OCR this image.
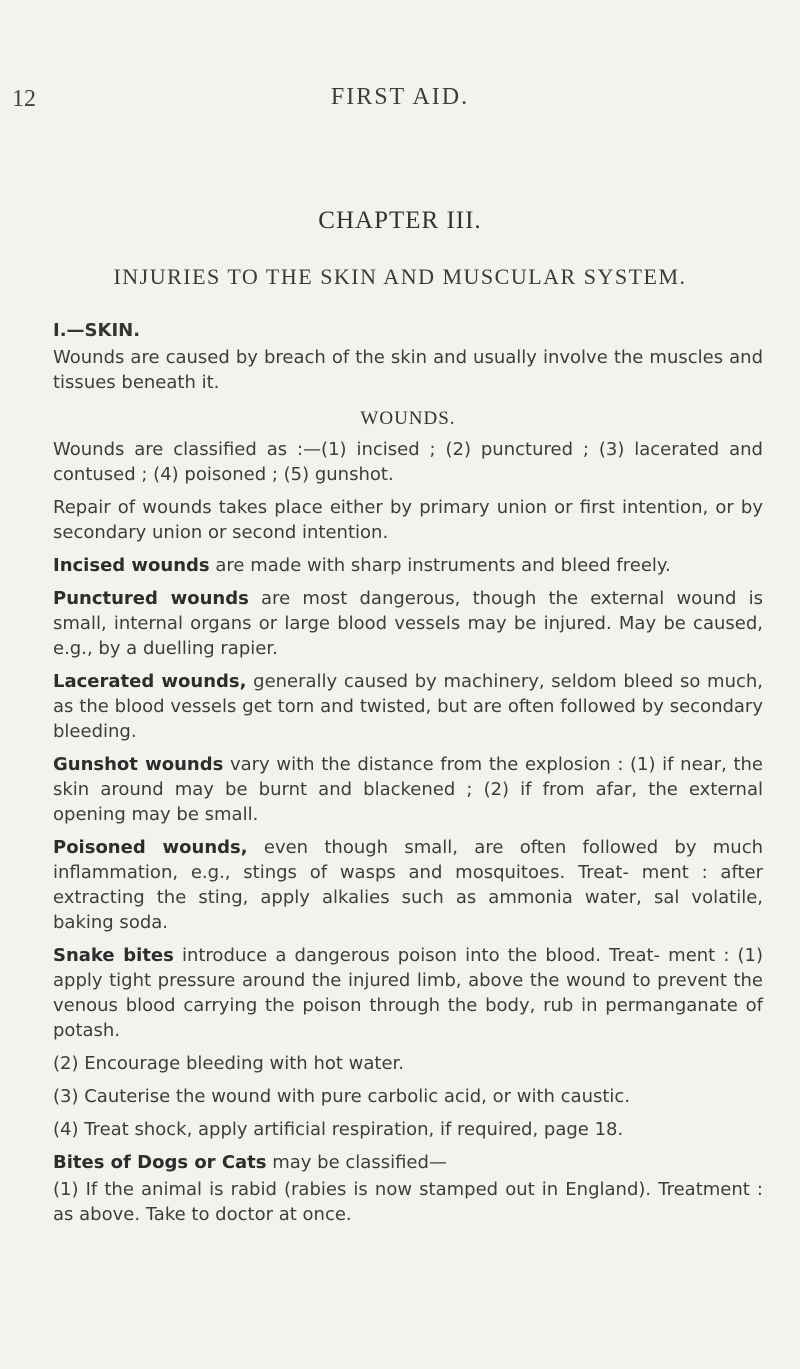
12	FIRST AID.
CHAPTER III.
INJURIES TO THE SKIN AND MUSCULAR SYSTEM.
I.—SKIN.

Wounds are caused by breach of the skin and usually involve the muscles and tissues beneath it.

WOUNDS.

Wounds are classified as :—(1) incised ; (2) punctured ; (3) lacerated and contused ; (4) poisoned ; (5) gunshot.

Repair of wounds takes place either by primary union or first intention, or by secondary union or second intention.

Incised wounds are made with sharp instruments and bleed freely.

Punctured wounds are most dangerous, though the external wound is small, internal organs or large blood vessels may be injured. May be caused, e.g., by a duelling rapier.

Lacerated wounds, generally caused by machinery, seldom bleed so much, as the blood vessels get torn and twisted, but are often followed by secondary bleeding.

Gunshot wounds vary with the distance from the explosion : (1) if near, the skin around may be burnt and blackened ; (2) if from afar, the external opening may be small.

Poisoned wounds, even though small, are often followed by much inflammation, e.g., stings of wasps and mosquitoes. Treat- ment : after extracting the sting, apply alkalies such as ammonia water, sal volatile, baking soda.

Snake bites introduce a dangerous poison into the blood. Treat- ment : (1) apply tight pressure around the injured limb, above the wound to prevent the venous blood carrying the poison through the body, rub in permanganate of potash.

(2) Encourage bleeding with hot water.

(3) Cauterise the wound with pure carbolic acid, or with caustic.

(4) Treat shock, apply artificial respiration, if required, page 18.

Bites of Dogs or Cats may be classified—

(1) If the animal is rabid (rabies is now stamped out in England). Treatment : as above. Take to doctor at once.
